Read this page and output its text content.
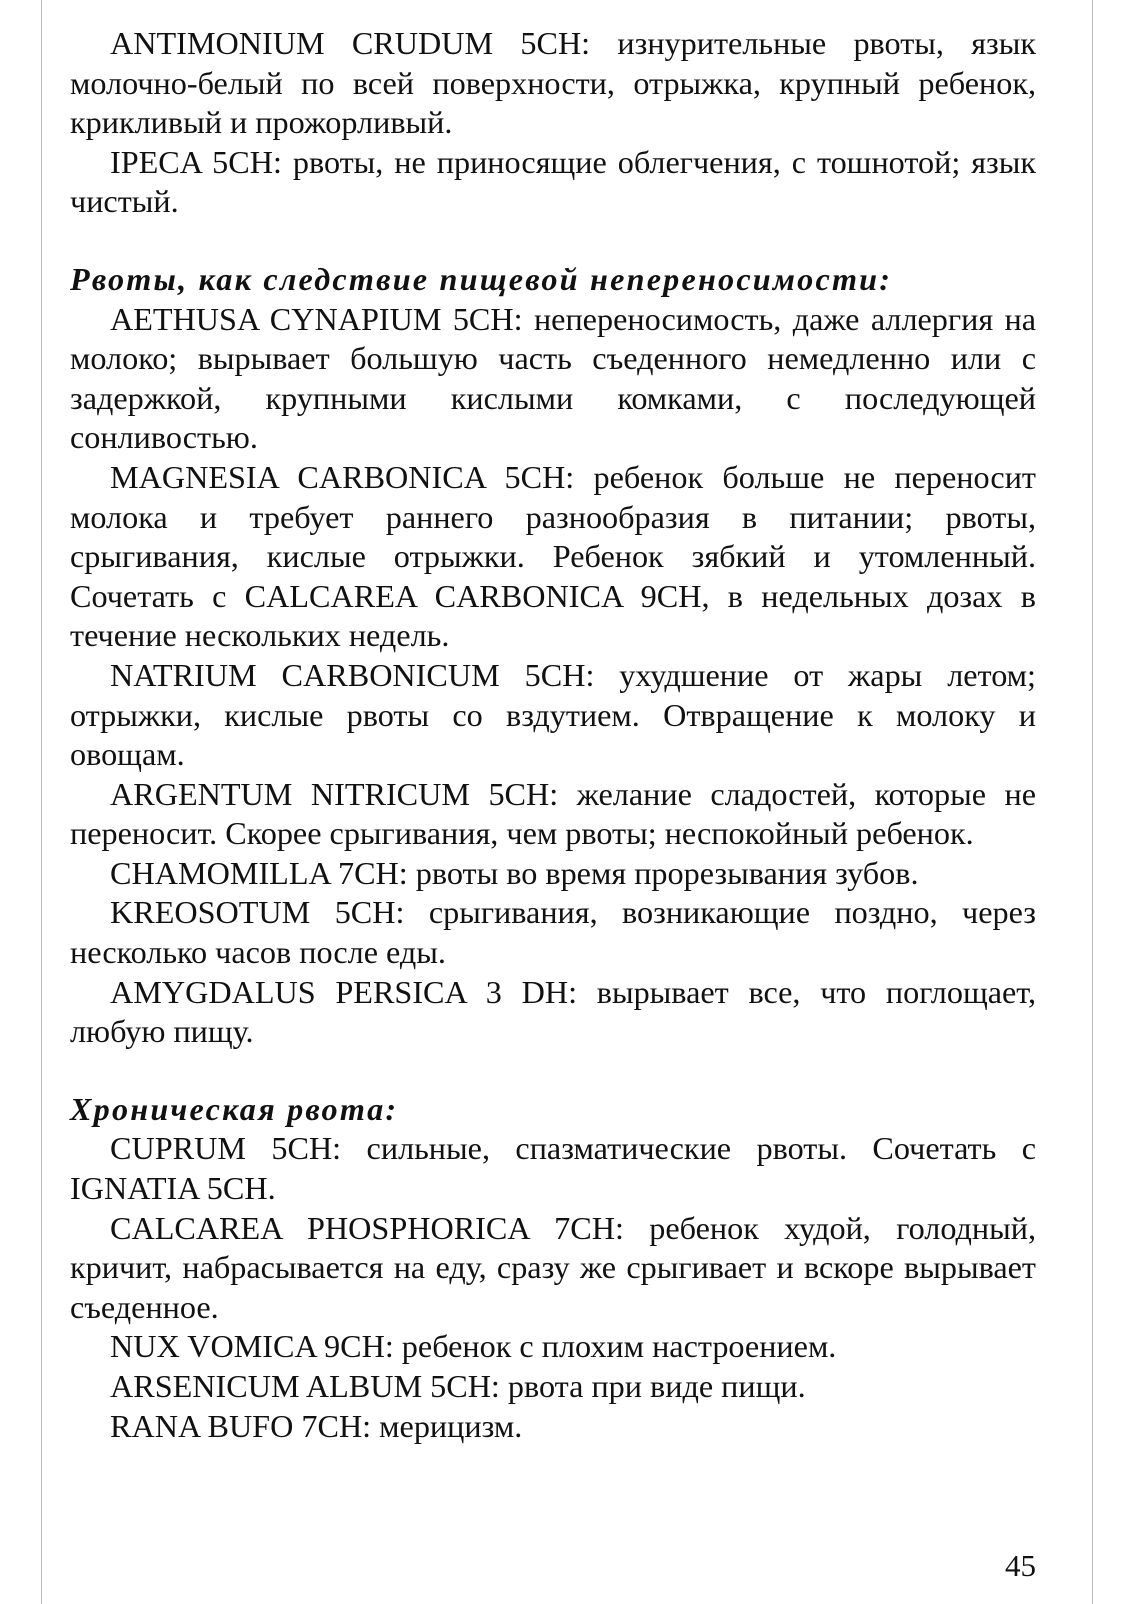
ANTIMONIUM CRUDUM 5CH: изнурительные рвоты, язык молочно-белый по всей поверхности, отрыжка, крупный ребенок, крикливый и прожорливый.

IPECA 5CH: рвоты, не приносящие облегчения, с тошнотой; язык чистый.

Рвоты, как следствие пищевой непереносимости:

AETHUSA CYNAPIUM 5CH: непереносимость, даже аллергия на молоко; вырывает большую часть съеденного немедленно или с задержкой, крупными кислыми комками, с последующей сонливостью.

MAGNESIA CARBONICA 5CH: ребенок больше не переносит молока и требует раннего разнообразия в питании; рвоты, срыгивания, кислые отрыжки. Ребенок зябкий и утомленный. Сочетать с CALCAREA CARBONICA 9CH, в недельных дозах в течение нескольких недель.

NATRIUM CARBONICUM 5CH: ухудшение от жары летом; отрыжки, кислые рвоты со вздутием. Отвращение к молоку и овощам.

ARGENTUM NITRICUM 5CH: желание сладостей, которые не переносит. Скорее срыгивания, чем рвоты; неспокойный ребенок.

CHAMOMILLA 7CH: рвоты во время прорезывания зубов.

KREOSOTUM 5CH: срыгивания, возникающие поздно, через несколько часов после еды.

AMYGDALUS PERSICA 3 DH: вырывает все, что поглощает, любую пищу.

Хроническая рвота:

CUPRUM 5CH: сильные, спазматические рвоты. Сочетать с IGNATIA 5CH.

CALCAREA PHOSPHORICA 7CH: ребенок худой, голодный, кричит, набрасывается на еду, сразу же срыгивает и вскоре вырывает съеденное.

NUX VOMICA 9CH: ребенок с плохим настроением.

ARSENICUM ALBUM 5CH: рвота при виде пищи.

RANA BUFO 7CH: мерицизм.

45
